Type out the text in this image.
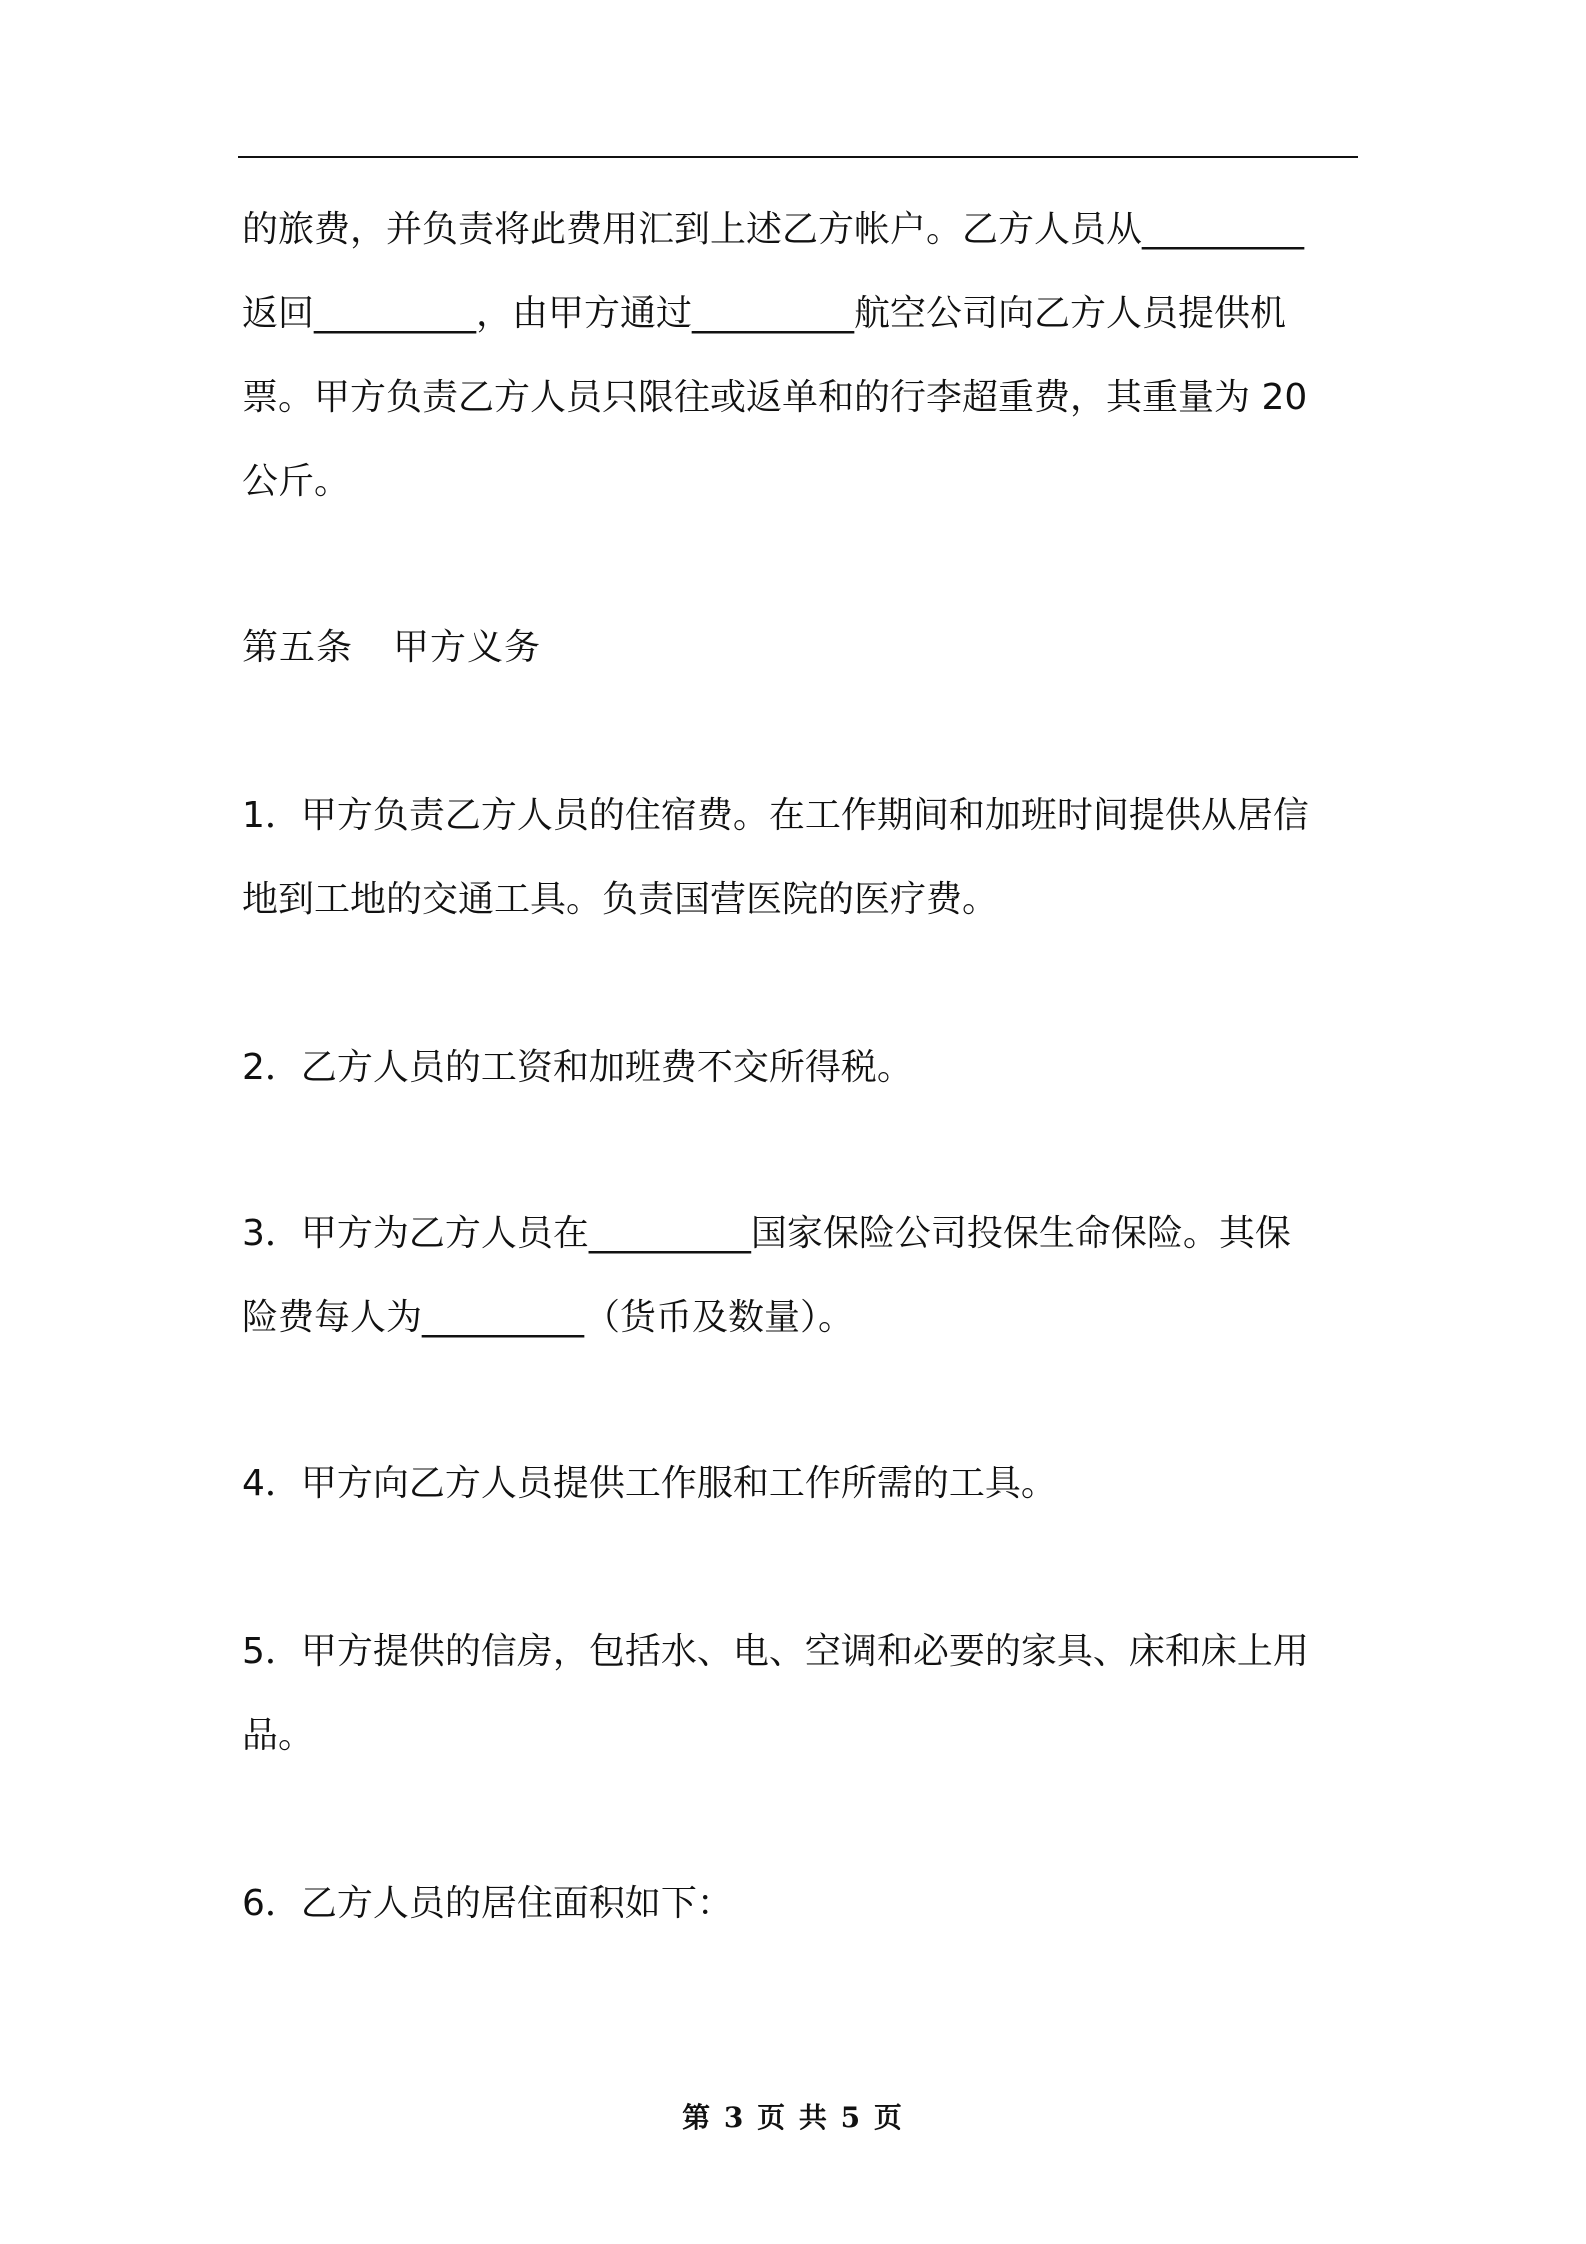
的旅费，并负责将此费用汇到上述乙方帐户。乙方人员从_________
返回_________，由甲方通过_________航空公司向乙方人员提供机
票。甲方负责乙方人员只限往或返单和的行李超重费，其重量为 20
公斤。
第五条 甲方义务
1．甲方负责乙方人员的住宿费。在工作期间和加班时间提供从居信
地到工地的交通工具。负责国营医院的医疗费。
2．乙方人员的工资和加班费不交所得税。
3．甲方为乙方人员在_________国家保险公司投保生命保险。其保
险费每人为_________（货币及数量）。
4．甲方向乙方人员提供工作服和工作所需的工具。
5．甲方提供的信房，包括水、电、空调和必要的家具、床和床上用
品。
6．乙方人员的居住面积如下：
第 3 页 共 5 页
